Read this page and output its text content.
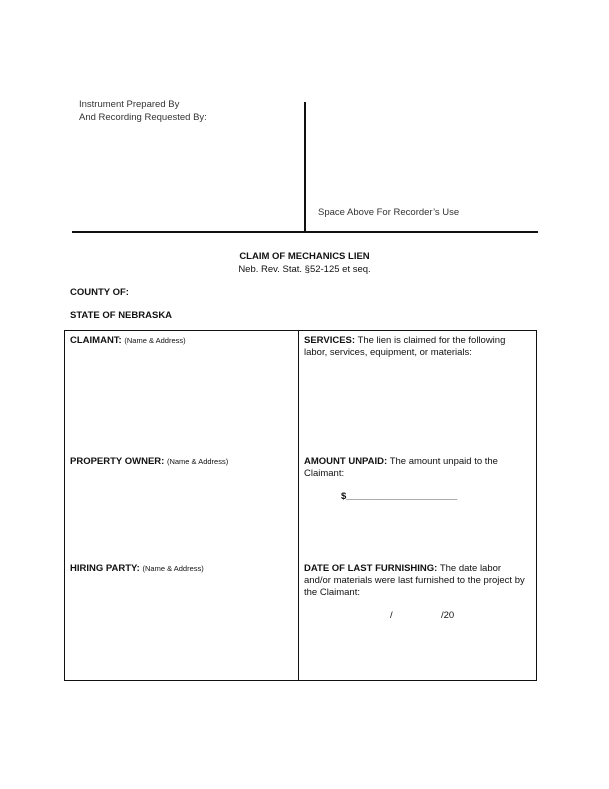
Instrument Prepared By
And Recording Requested By:
Space Above For Recorder’s Use
CLAIM OF MECHANICS LIEN
Neb. Rev. Stat. §52-125 et seq.
COUNTY OF:
STATE OF NEBRASKA
CLAIMANT: (Name & Address)	SERVICES: The lien is claimed for the following labor, services, equipment, or materials:
PROPERTY OWNER: (Name & Address)	AMOUNT UNPAID: The amount unpaid to the Claimant:
$_____________________
HIRING PARTY: (Name & Address)	DATE OF LAST FURNISHING: The date labor and/or materials were last furnished to the project by the Claimant:
/	/20
